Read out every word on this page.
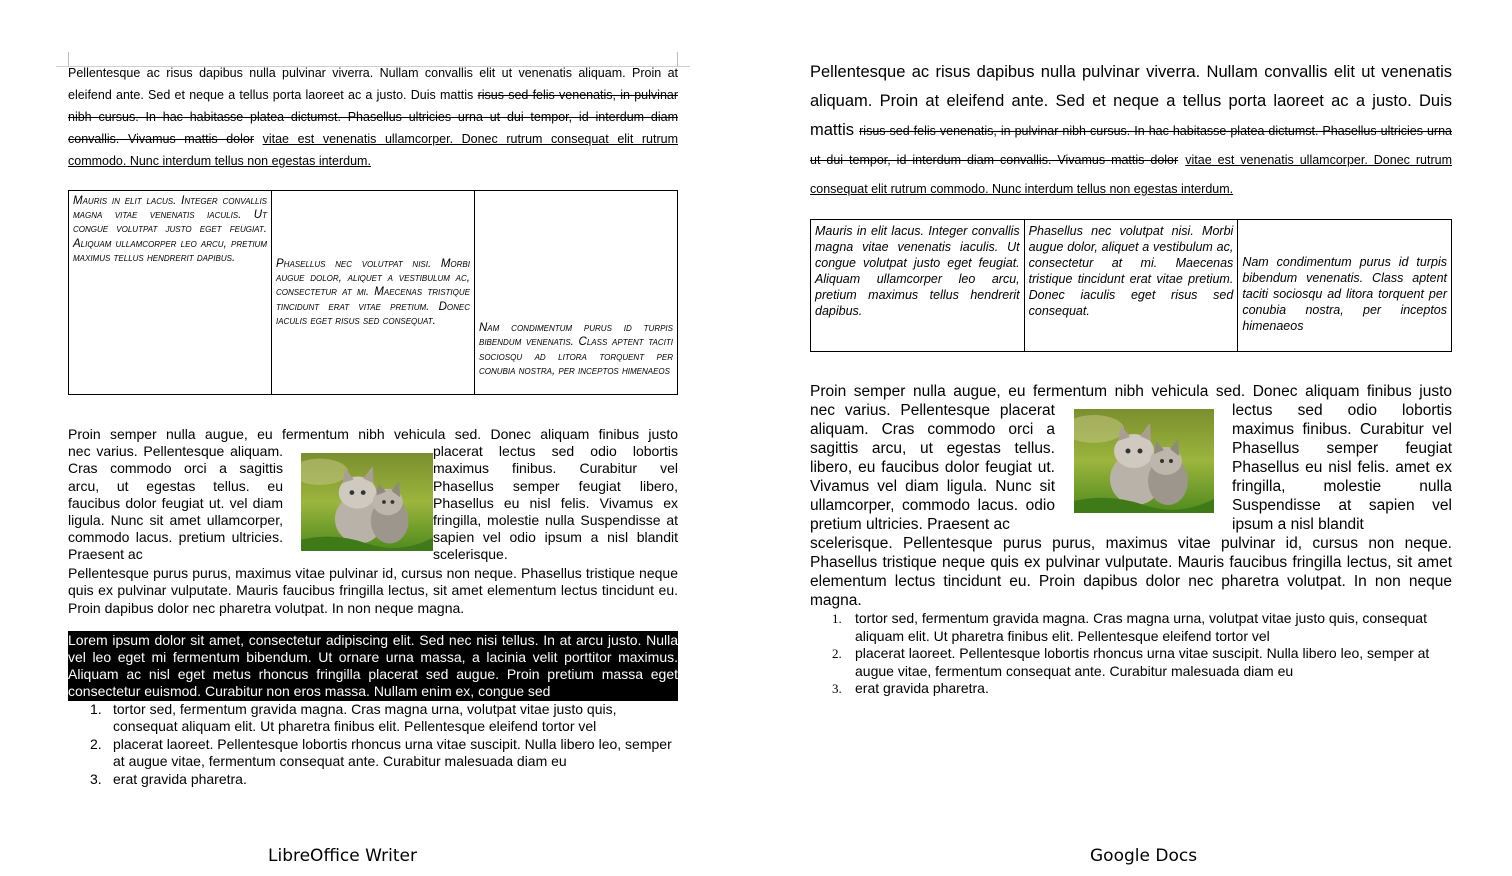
Pellentesque ac risus dapibus nulla pulvinar viverra. Nullam convallis elit ut venenatis aliquam. Proin at eleifend ante. Sed et neque a tellus porta laoreet ac a justo. Duis mattis risus sed felis venenatis, in pulvinar nibh cursus. In hac habitasse platea dictumst. Phasellus ultricies urna ut dui tempor, id interdum diam convallis. Vivamus mattis dolor vitae est venenatis ullamcorper. Donec rutrum consequat elit rutrum commodo. Nunc interdum tellus non egestas interdum.

Mauris in elit lacus. Integer convallis magna vitae venenatis iaculis. Ut congue volutpat justo eget feugiat. Aliquam ullamcorper leo arcu, pretium maximus tellus hendrerit dapibus.	Phasellus nec volutpat nisi. Morbi augue dolor, aliquet a vestibulum ac, consectetur at mi. Maecenas tristique tincidunt erat vitae pretium. Donec iaculis eget risus sed consequat.	Nam condimentum purus id turpis bibendum venenatis. Class aptent taciti sociosqu ad litora torquent per conubia nostra, per inceptos himenaeos
Proin semper nulla augue, eu fermentum nibh vehicula sed. Donec aliquam finibus justo
nec varius. Pellentesque aliquam. Cras commodo orci a sagittis arcu, ut egestas tellus. eu faucibus dolor feugiat ut. vel diam ligula. Nunc sit amet ullamcorper, commodo lacus. pretium ultricies. Praesent ac
placerat lectus sed odio lobortis maximus finibus. Curabitur vel Phasellus semper feugiat libero, Phasellus eu nisl felis. Vivamus ex fringilla, molestie nulla Suspendisse at sapien vel odio ipsum a nisl blandit scelerisque.
Pellentesque purus purus, maximus vitae pulvinar id, cursus non neque. Phasellus tristique neque quis ex pulvinar vulputate. Mauris faucibus fringilla lectus, sit amet elementum lectus tincidunt eu. Proin dapibus dolor nec pharetra volutpat. In non neque magna.
Lorem ipsum dolor sit amet, consectetur adipiscing elit. Sed nec nisi tellus. In at arcu justo. Nulla vel leo eget mi fermentum bibendum. Ut ornare urna massa, a lacinia velit porttitor maximus. Aliquam ac nisl eget metus rhoncus fringilla placerat sed augue. Proin pretium massa eget consectetur euismod. Curabitur non eros massa. Nullam enim ex, congue sed
1. tortor sed, fermentum gravida magna. Cras magna urna, volutpat vitae justo quis, consequat aliquam elit. Ut pharetra finibus elit. Pellentesque eleifend tortor vel
2. placerat laoreet. Pellentesque lobortis rhoncus urna vitae suscipit. Nulla libero leo, semper at augue vitae, fermentum consequat ante. Curabitur malesuada diam eu
3. erat gravida pharetra.

Pellentesque ac risus dapibus nulla pulvinar viverra. Nullam convallis elit ut venenatis aliquam. Proin at eleifend ante. Sed et neque a tellus porta laoreet ac a justo. Duis mattis risus sed felis venenatis, in pulvinar nibh cursus. In hac habitasse platea dictumst. Phasellus ultricies urna ut dui tempor, id interdum diam convallis. Vivamus mattis dolor vitae est venenatis ullamcorper. Donec rutrum consequat elit rutrum commodo. Nunc interdum tellus non egestas interdum.

Mauris in elit lacus. Integer convallis magna vitae venenatis iaculis. Ut congue volutpat justo eget feugiat. Aliquam ullamcorper leo arcu, pretium maximus tellus hendrerit dapibus.	Phasellus nec volutpat nisi. Morbi augue dolor, aliquet a vestibulum ac, consectetur at mi. Maecenas tristique tincidunt erat vitae pretium. Donec iaculis eget risus sed consequat.	Nam condimentum purus id turpis bibendum venenatis. Class aptent taciti sociosqu ad litora torquent per conubia nostra, per inceptos himenaeos
Proin semper nulla augue, eu fermentum nibh vehicula sed. Donec aliquam finibus justo
nec varius. Pellentesque placerat aliquam. Cras commodo orci a sagittis arcu, ut egestas tellus. libero, eu faucibus dolor feugiat ut. Vivamus vel diam ligula. Nunc sit ullamcorper, commodo lacus. odio pretium ultricies. Praesent ac
lectus sed odio lobortis maximus finibus. Curabitur vel Phasellus semper feugiat Phasellus eu nisl felis. amet ex fringilla, molestie nulla Suspendisse at sapien vel ipsum a nisl blandit
scelerisque. Pellentesque purus purus, maximus vitae pulvinar id, cursus non neque. Phasellus tristique neque quis ex pulvinar vulputate. Mauris faucibus fringilla lectus, sit amet elementum lectus tincidunt eu. Proin dapibus dolor nec pharetra volutpat. In non neque magna.
1. tortor sed, fermentum gravida magna. Cras magna urna, volutpat vitae justo quis, consequat aliquam elit. Ut pharetra finibus elit. Pellentesque eleifend tortor vel
2. placerat laoreet. Pellentesque lobortis rhoncus urna vitae suscipit. Nulla libero leo, semper at augue vitae, fermentum consequat ante. Curabitur malesuada diam eu
3. erat gravida pharetra.
LibreOffice Writer	Google Docs
